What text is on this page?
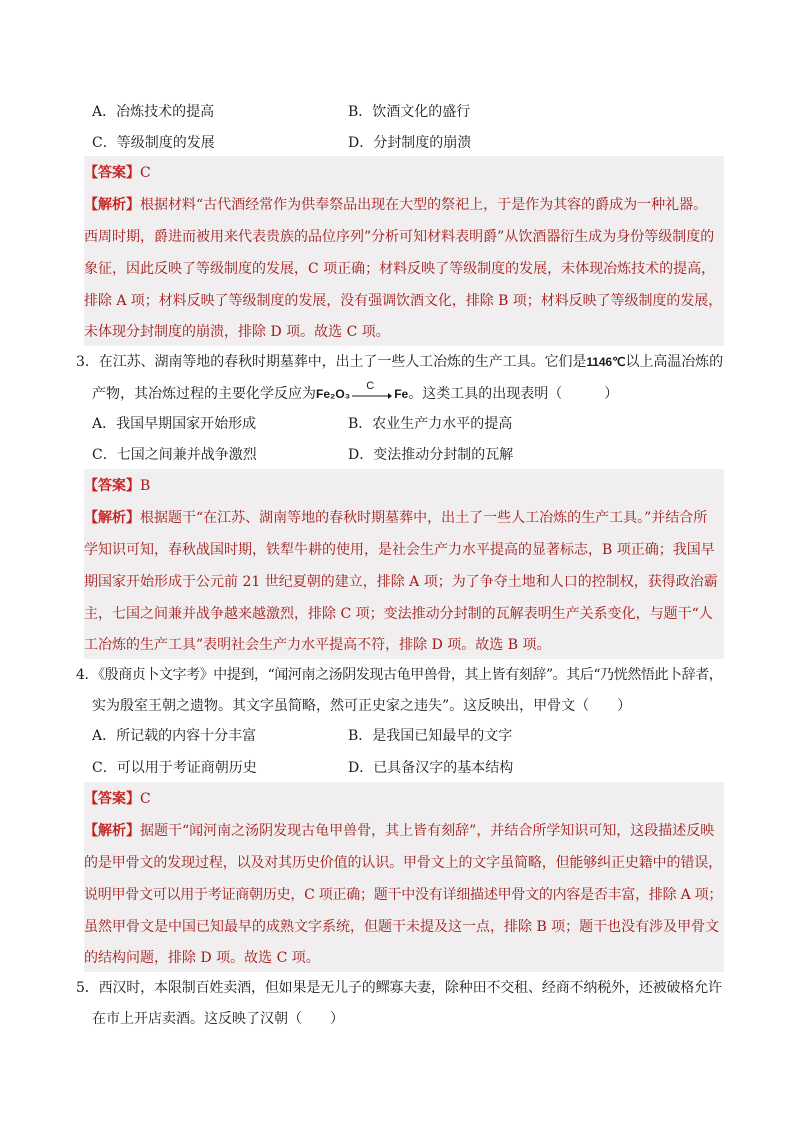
A．冶炼技术的提高	B．饮酒文化的盛行
C．等级制度的发展	D．分封制度的崩溃
【答案】C
【解析】根据材料“古代酒经常作为供奉祭品出现在大型的祭祀上，于是作为其容的爵成为一种礼器。
西周时期，爵进而被用来代表贵族的品位序列”分析可知材料表明爵”从饮酒器衍生成为身份等级制度的
象征，因此反映了等级制度的发展，C 项正确；材料反映了等级制度的发展，未体现冶炼技术的提高，
排除 A 项；材料反映了等级制度的发展，没有强调饮酒文化，排除 B 项；材料反映了等级制度的发展，
未体现分封制度的崩溃，排除 D 项。故选 C 项。
3．在江苏、湖南等地的春秋时期墓葬中，出土了一些人工冶炼的生产工具。它们是1146℃以上高温冶炼的
产物，其冶炼过程的主要化学反应为Fe₂O₃
C
Fe。这类工具的出现表明（　　　）
A．我国早期国家开始形成	B．农业生产力水平的提高
C．七国之间兼并战争激烈	D．变法推动分封制的瓦解
【答案】B
【解析】根据题干“在江苏、湖南等地的春秋时期墓葬中，出土了一些人工冶炼的生产工具。”并结合所
学知识可知，春秋战国时期，铁犁牛耕的使用，是社会生产力水平提高的显著标志，B 项正确；我国早
期国家开始形成于公元前 21 世纪夏朝的建立，排除 A 项；为了争夺土地和人口的控制权，获得政治霸
主，七国之间兼并战争越来越激烈，排除 C 项；变法推动分封制的瓦解表明生产关系变化，与题干“人
工冶炼的生产工具”表明社会生产力水平提高不符，排除 D 项。故选 B 项。
4．《殷商贞卜文字考》中提到，“闻河南之汤阴发现古龟甲兽骨，其上皆有刻辞”。其后“乃恍然悟此卜辞者，
实为殷室王朝之遗物。其文字虽简略，然可正史家之违失”。这反映出，甲骨文（　　）
A．所记载的内容十分丰富	B．是我国已知最早的文字
C．可以用于考证商朝历史	D．已具备汉字的基本结构
【答案】C
【解析】据题干“闻河南之汤阴发现古龟甲兽骨，其上皆有刻辞”，并结合所学知识可知，这段描述反映
的是甲骨文的发现过程，以及对其历史价值的认识。甲骨文上的文字虽简略，但能够纠正史籍中的错误，
说明甲骨文可以用于考证商朝历史，C 项正确；题干中没有详细描述甲骨文的内容是否丰富，排除 A 项；
虽然甲骨文是中国已知最早的成熟文字系统，但题干未提及这一点，排除 B 项；题干也没有涉及甲骨文
的结构问题，排除 D 项。故选 C 项。
5．西汉时，本限制百姓卖酒，但如果是无儿子的鳏寡夫妻，除种田不交租、经商不纳税外，还被破格允许
在市上开店卖酒。这反映了汉朝（　　）
